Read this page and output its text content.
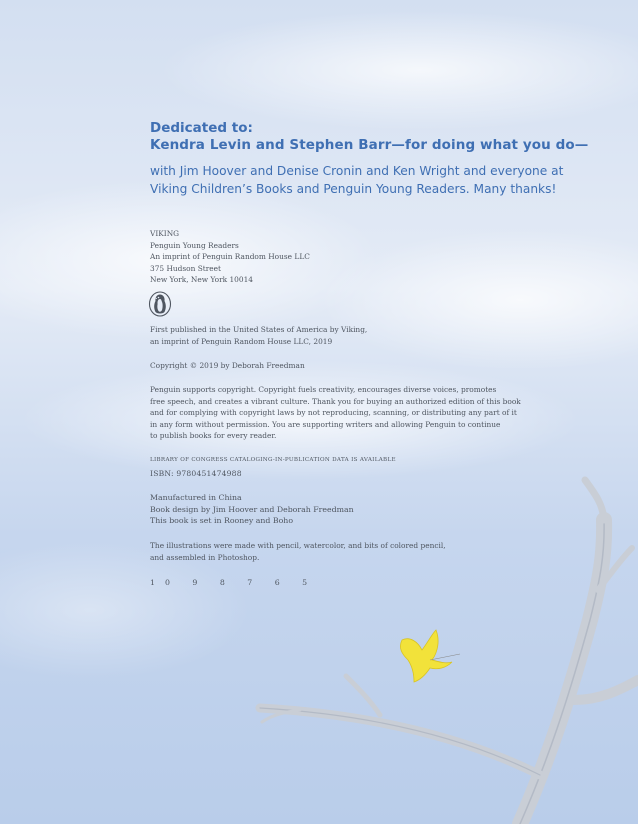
Dedicated to:
Kendra Levin and Stephen Barr—for doing what you do—
with Jim Hoover and Denise Cronin and Ken Wright and everyone at
Viking Children’s Books and Penguin Young Readers. Many thanks!
VIKING
Penguin Young Readers
An imprint of Penguin Random House LLC
375 Hudson Street
New York, New York 10014
First published in the United States of America by Viking,
an imprint of Penguin Random House LLC, 2019
Copyright © 2019 by Deborah Freedman
Penguin supports copyright. Copyright fuels creativity, encourages diverse voices, promotes
free speech, and creates a vibrant culture. Thank you for buying an authorized edition of this book
and for complying with copyright laws by not reproducing, scanning, or distributing any part of it
in any form without permission. You are supporting writers and allowing Penguin to continue
to publish books for every reader.
LIBRARY OF CONGRESS CATALOGING-IN-PUBLICATION DATA IS AVAILABLE
ISBN: 9780451474988
Manufactured in China
Book design by Jim Hoover and Deborah Freedman
This book is set in Rooney and Boho
The illustrations were made with pencil, watercolor, and bits of colored pencil,
and assembled in Photoshop.
10 9 8 7 6 5
